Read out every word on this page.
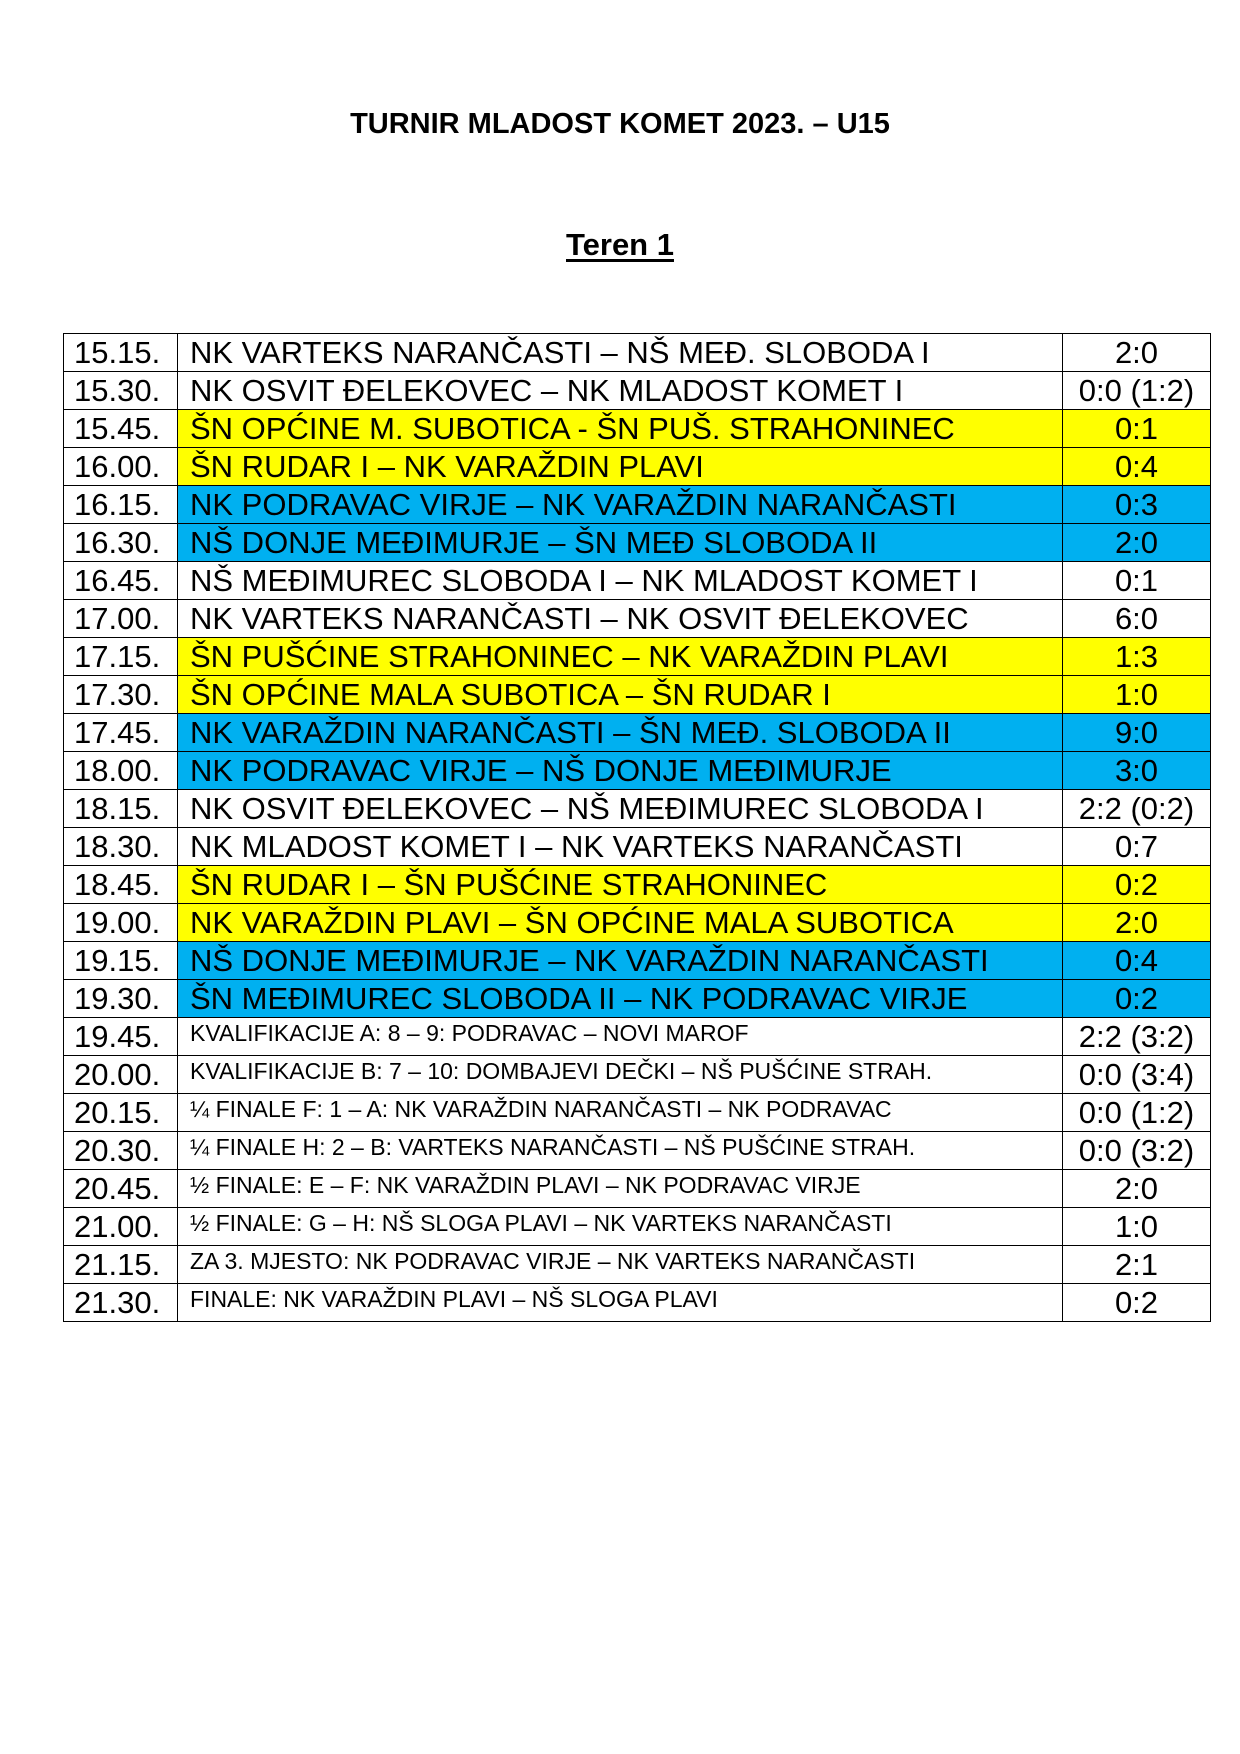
TURNIR MLADOST KOMET 2023. – U15
Teren 1
15.15.	NK VARTEKS NARANČASTI – NŠ MEĐ. SLOBODA I	2:0
15.30.	NK OSVIT ĐELEKOVEC – NK MLADOST KOMET I	0:0 (1:2)
15.45.	ŠN OPĆINE M. SUBOTICA - ŠN PUŠ. STRAHONINEC	0:1
16.00.	ŠN RUDAR I – NK VARAŽDIN PLAVI	0:4
16.15.	NK PODRAVAC VIRJE – NK VARAŽDIN NARANČASTI	0:3
16.30.	NŠ DONJE MEĐIMURJE – ŠN MEĐ SLOBODA II	2:0
16.45.	NŠ MEĐIMUREC SLOBODA I – NK MLADOST KOMET I	0:1
17.00.	NK VARTEKS NARANČASTI – NK OSVIT ĐELEKOVEC	6:0
17.15.	ŠN PUŠĆINE STRAHONINEC – NK VARAŽDIN PLAVI	1:3
17.30.	ŠN OPĆINE MALA SUBOTICA – ŠN RUDAR I	1:0
17.45.	NK VARAŽDIN NARANČASTI – ŠN MEĐ. SLOBODA II	9:0
18.00.	NK PODRAVAC VIRJE – NŠ DONJE MEĐIMURJE	3:0
18.15.	NK OSVIT ĐELEKOVEC – NŠ MEĐIMUREC SLOBODA I	2:2 (0:2)
18.30.	NK MLADOST KOMET I – NK VARTEKS NARANČASTI	0:7
18.45.	ŠN RUDAR I – ŠN PUŠĆINE STRAHONINEC	0:2
19.00.	NK VARAŽDIN PLAVI – ŠN OPĆINE MALA SUBOTICA	2:0
19.15.	NŠ DONJE MEĐIMURJE – NK VARAŽDIN NARANČASTI	0:4
19.30.	ŠN MEĐIMUREC SLOBODA II – NK PODRAVAC VIRJE	0:2
19.45.	KVALIFIKACIJE A: 8 – 9: PODRAVAC – NOVI MAROF	2:2 (3:2)
20.00.	KVALIFIKACIJE B: 7 – 10: DOMBAJEVI DEČKI – NŠ PUŠĆINE STRAH.	0:0 (3:4)
20.15.	¼ FINALE F: 1 – A: NK VARAŽDIN NARANČASTI – NK PODRAVAC	0:0 (1:2)
20.30.	¼ FINALE H: 2 – B: VARTEKS NARANČASTI – NŠ PUŠĆINE STRAH.	0:0 (3:2)
20.45.	½ FINALE: E – F: NK VARAŽDIN PLAVI – NK PODRAVAC VIRJE	2:0
21.00.	½ FINALE: G – H: NŠ SLOGA PLAVI – NK VARTEKS NARANČASTI	1:0
21.15.	ZA 3. MJESTO: NK PODRAVAC VIRJE – NK VARTEKS NARANČASTI	2:1
21.30.	FINALE: NK VARAŽDIN PLAVI – NŠ SLOGA PLAVI	0:2
